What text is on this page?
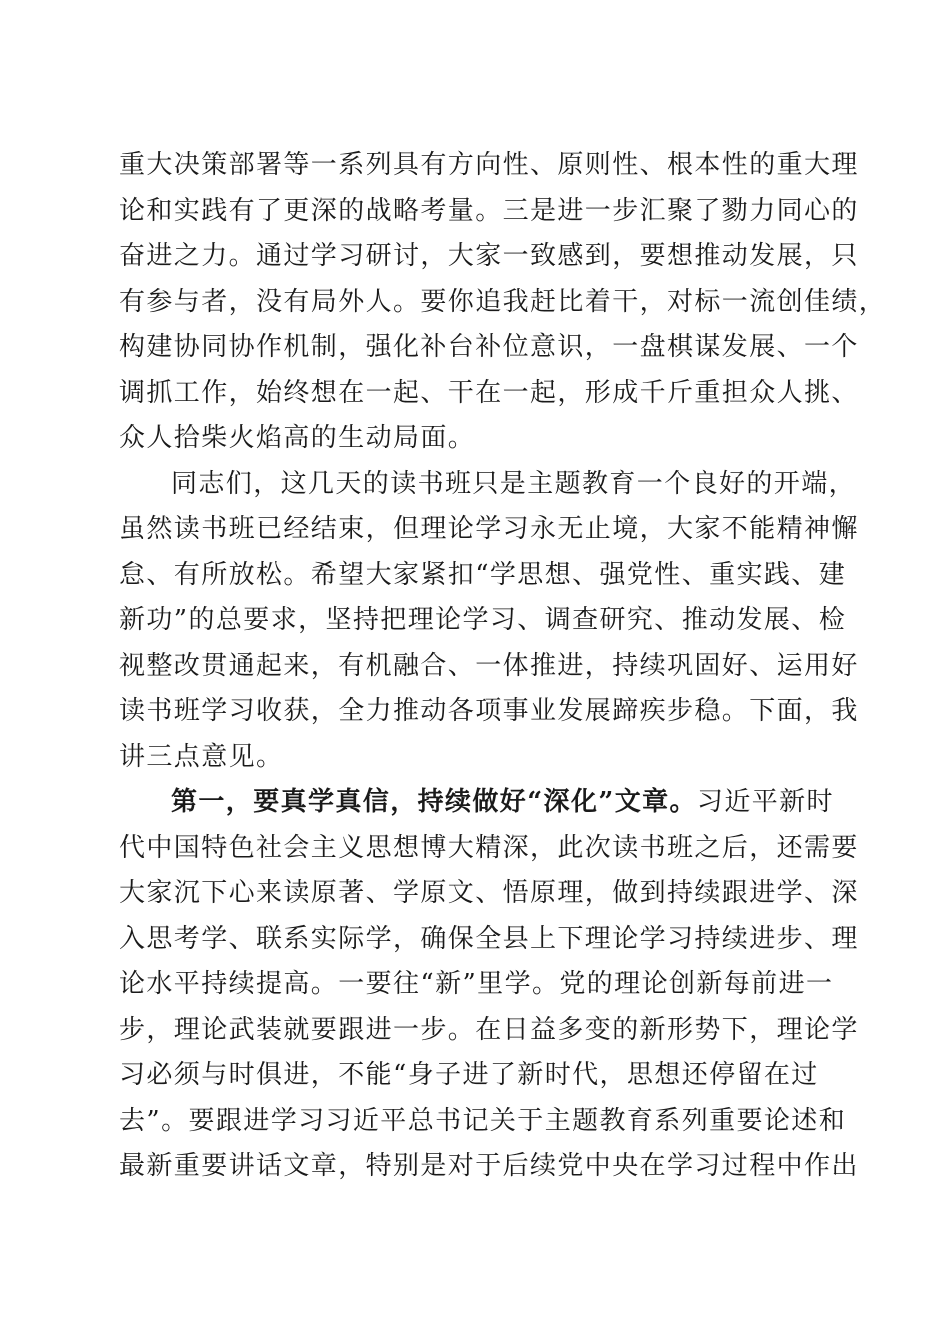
重大决策部署等一系列具有方向性、原则性、根本性的重大理
论和实践有了更深的战略考量。三是进一步汇聚了勠力同心的
奋进之力。通过学习研讨，大家一致感到，要想推动发展，只
有参与者，没有局外人。要你追我赶比着干，对标一流创佳绩，
构建协同协作机制，强化补台补位意识，一盘棋谋发展、一个
调抓工作，始终想在一起、干在一起，形成千斤重担众人挑、
众人拾柴火焰高的生动局面。
同志们，这几天的读书班只是主题教育一个良好的开端，
虽然读书班已经结束，但理论学习永无止境，大家不能精神懈
怠、有所放松。希望大家紧扣“学思想、强党性、重实践、建
新功”的总要求，坚持把理论学习、调查研究、推动发展、检
视整改贯通起来，有机融合、一体推进，持续巩固好、运用好
读书班学习收获，全力推动各项事业发展蹄疾步稳。下面，我
讲三点意见。
第一，要真学真信，持续做好“深化”文章。习近平新时
代中国特色社会主义思想博大精深，此次读书班之后，还需要
大家沉下心来读原著、学原文、悟原理，做到持续跟进学、深
入思考学、联系实际学，确保全县上下理论学习持续进步、理
论水平持续提高。一要往“新”里学。党的理论创新每前进一
步，理论武装就要跟进一步。在日益多变的新形势下，理论学
习必须与时俱进，不能“身子进了新时代，思想还停留在过
去”。要跟进学习习近平总书记关于主题教育系列重要论述和
最新重要讲话文章，特别是对于后续党中央在学习过程中作出
